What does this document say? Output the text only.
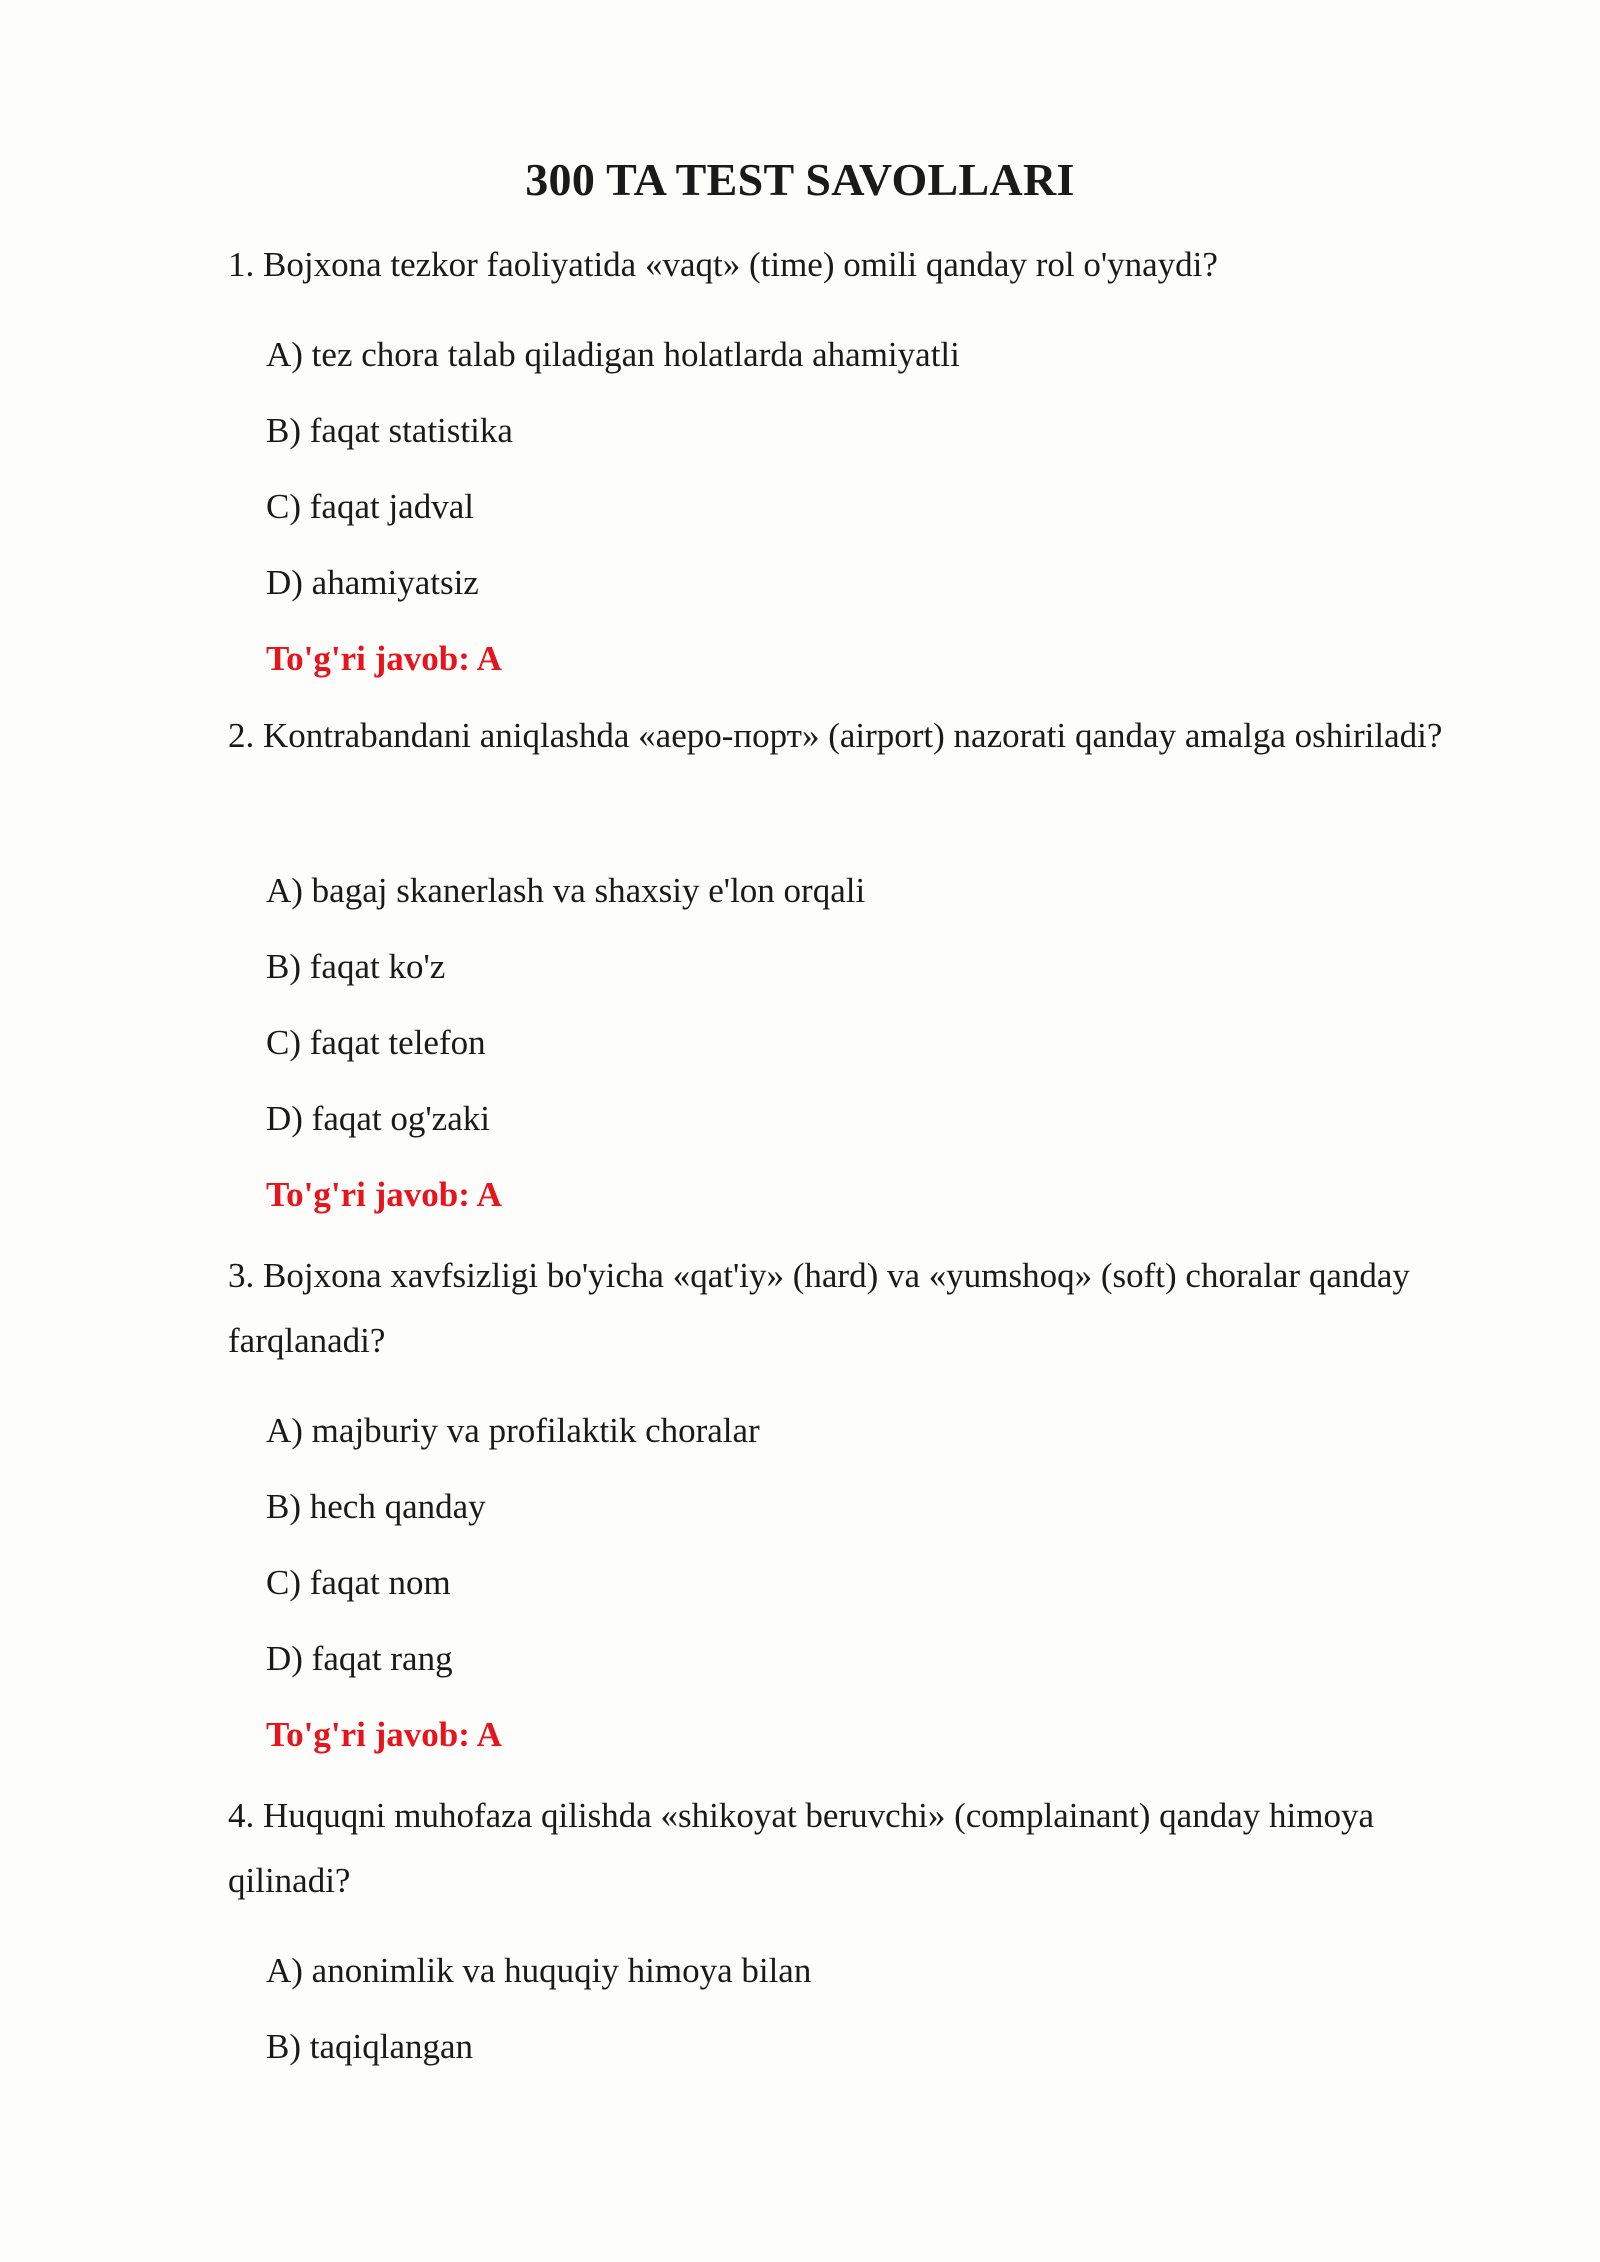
300 TA TEST SAVOLLARI

1. Bojxona tezkor faoliyatida «vaqt» (time) omili qanday rol o'ynaydi?

A) tez chora talab qiladigan holatlarda ahamiyatli

B) faqat statistika

C) faqat jadval

D) ahamiyatsiz

To'g'ri javob: A

2. Kontrabandani aniqlashda «аеро-порт» (airport) nazorati qanday amalga oshiriladi?

A) bagaj skanerlash va shaxsiy e'lon orqali

B) faqat ko'z

C) faqat telefon

D) faqat og'zaki

To'g'ri javob: A

3. Bojxona xavfsizligi bo'yicha «qat'iy» (hard) va «yumshoq» (soft) choralar qanday farqlanadi?

A) majburiy va profilaktik choralar

B) hech qanday

C) faqat nom

D) faqat rang

To'g'ri javob: A

4. Huquqni muhofaza qilishda «shikoyat beruvchi» (complainant) qanday himoya qilinadi?

A) anonimlik va huquqiy himoya bilan

B) taqiqlangan
